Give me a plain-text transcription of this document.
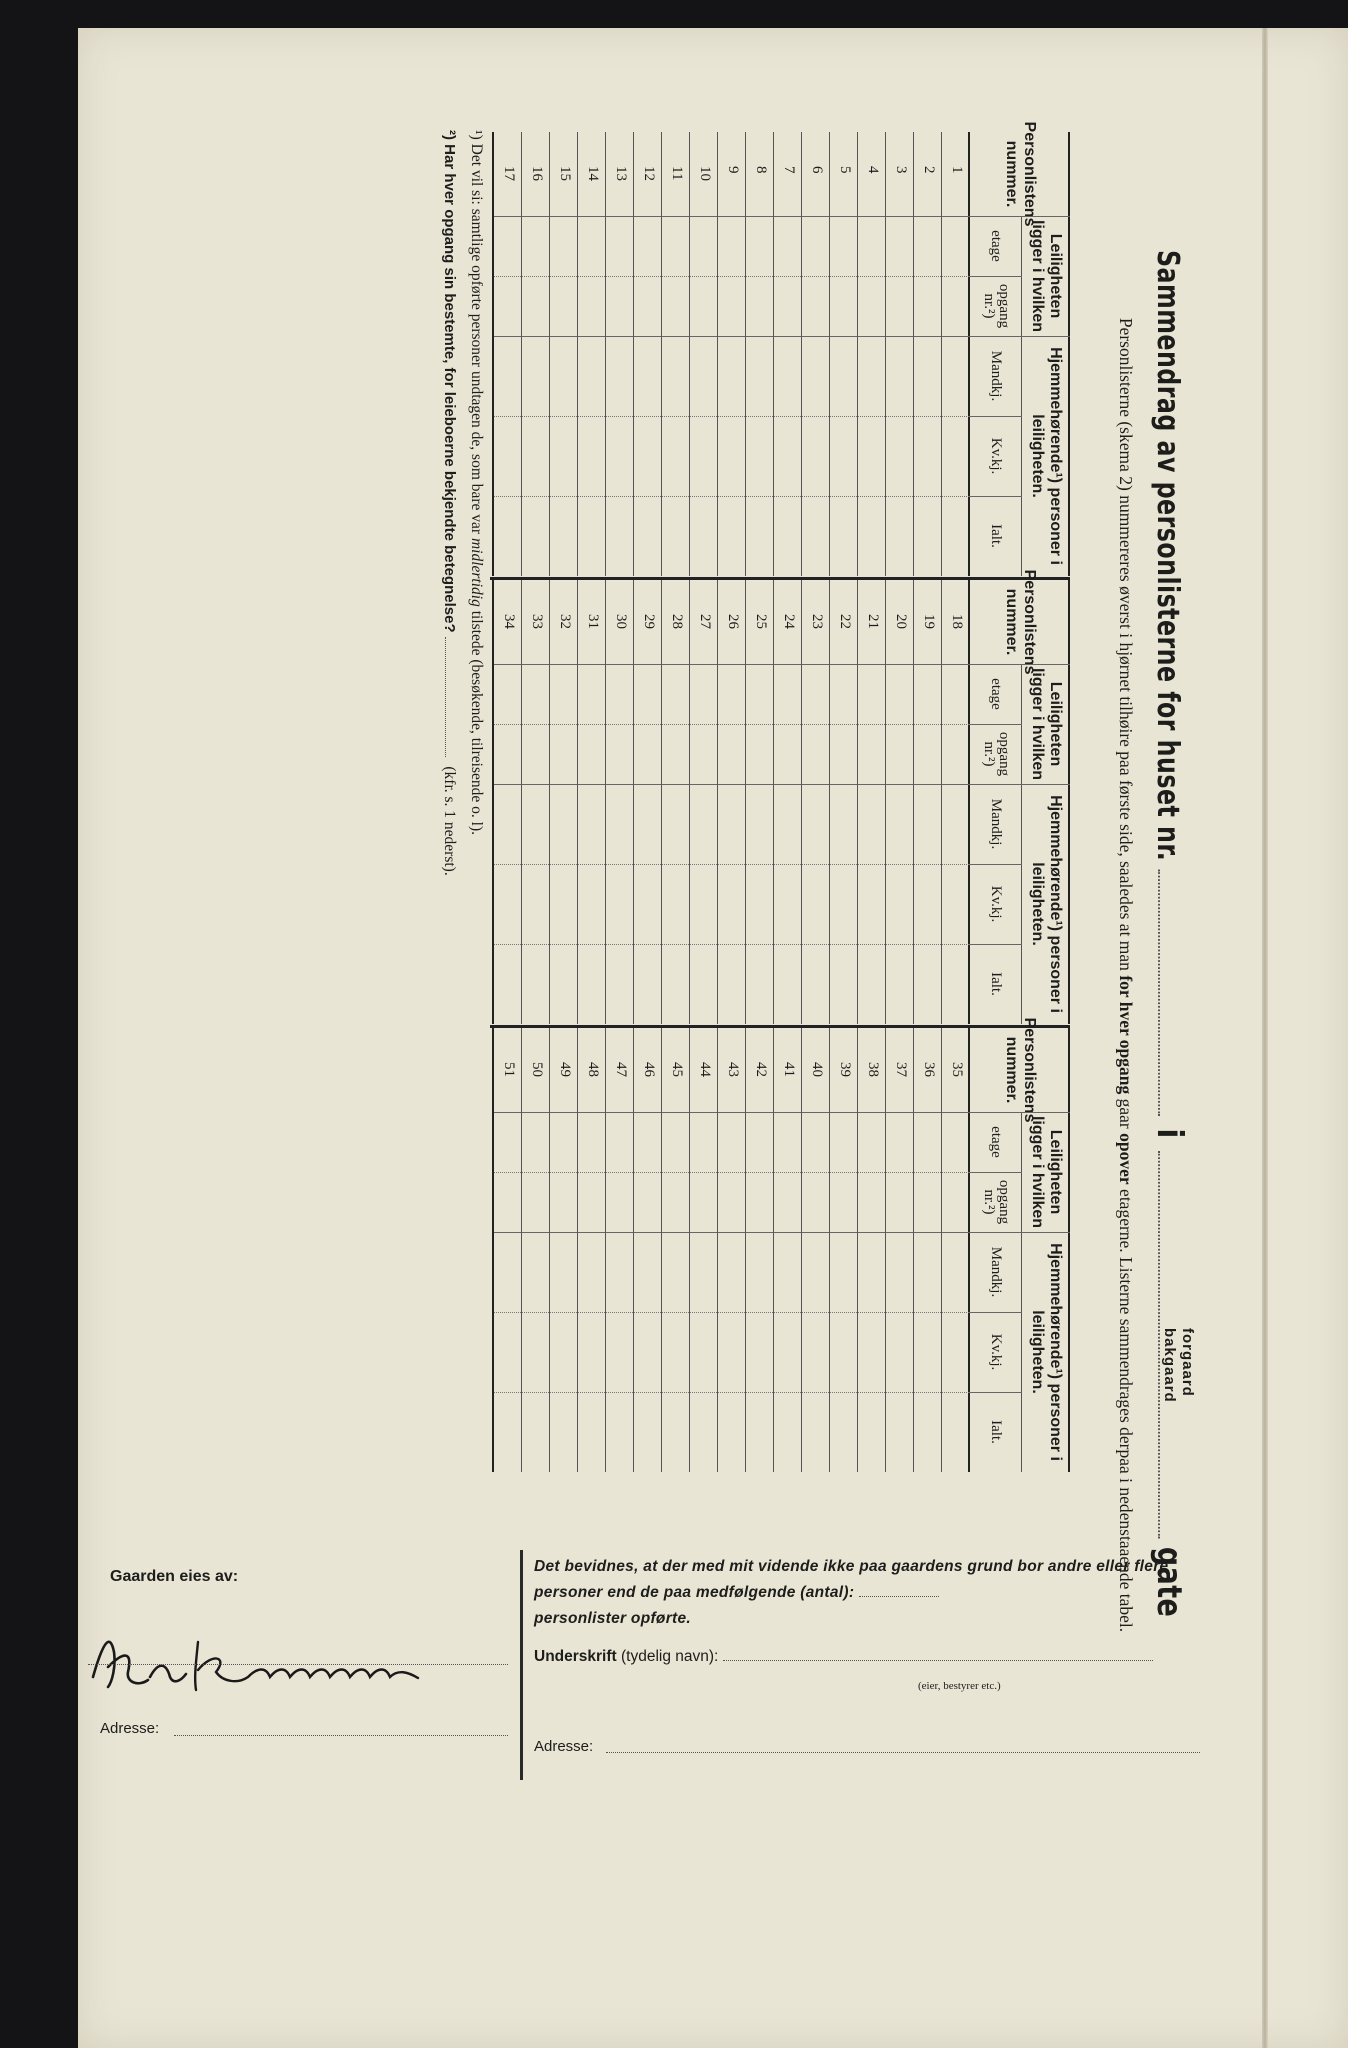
Sammendrag av personlisterne for huset nr.  i  gate
forgaard
bakgaard
Personlisterne (skema 2) nummereres øverst i hjørnet tilhøire paa første side, saaledes at man for hver opgang gaar opover etagerne. Listerne sammendrages derpaa i nedenstaaende tabel.
Personlistens nummer.
Leiligheten ligger i hvilken
Hjemmehørende¹) personer i leiligheten.
etage
opgang nr.²)
Mandkj.
Kv.kj.
Ialt.
1
2
3
4
5
6
7
8
9
10
11
12
13
14
15
16
17
Personlistens nummer.
Leiligheten ligger i hvilken
Hjemmehørende¹) personer i leiligheten.
etage
opgang nr.²)
Mandkj.
Kv.kj.
Ialt.
18
19
20
21
22
23
24
25
26
27
28
29
30
31
32
33
34
Personlistens nummer.
Leiligheten ligger i hvilken
Hjemmehørende¹) personer i leiligheten.
etage
opgang nr.²)
Mandkj.
Kv.kj.
Ialt.
35
36
37
38
39
40
41
42
43
44
45
46
47
48
49
50
51
¹) Det vil si: samtlige opførte personer undtagen de, som bare var midlertidig tilstede (besøkende, tilreisende o. l).
²) Har hver opgang sin bestemte, for leieboerne bekjendte betegnelse?  (kfr. s. 1 nederst).
Gaarden eies av:
Kr. Kommune
Adresse:
Det bevidnes, at der med mit vidende ikke paa gaardens grund bor andre eller flere personer end de paa medfølgende (antal):
personlister opførte.
Underskrift (tydelig navn):
(eier, bestyrer etc.)
Adresse:
